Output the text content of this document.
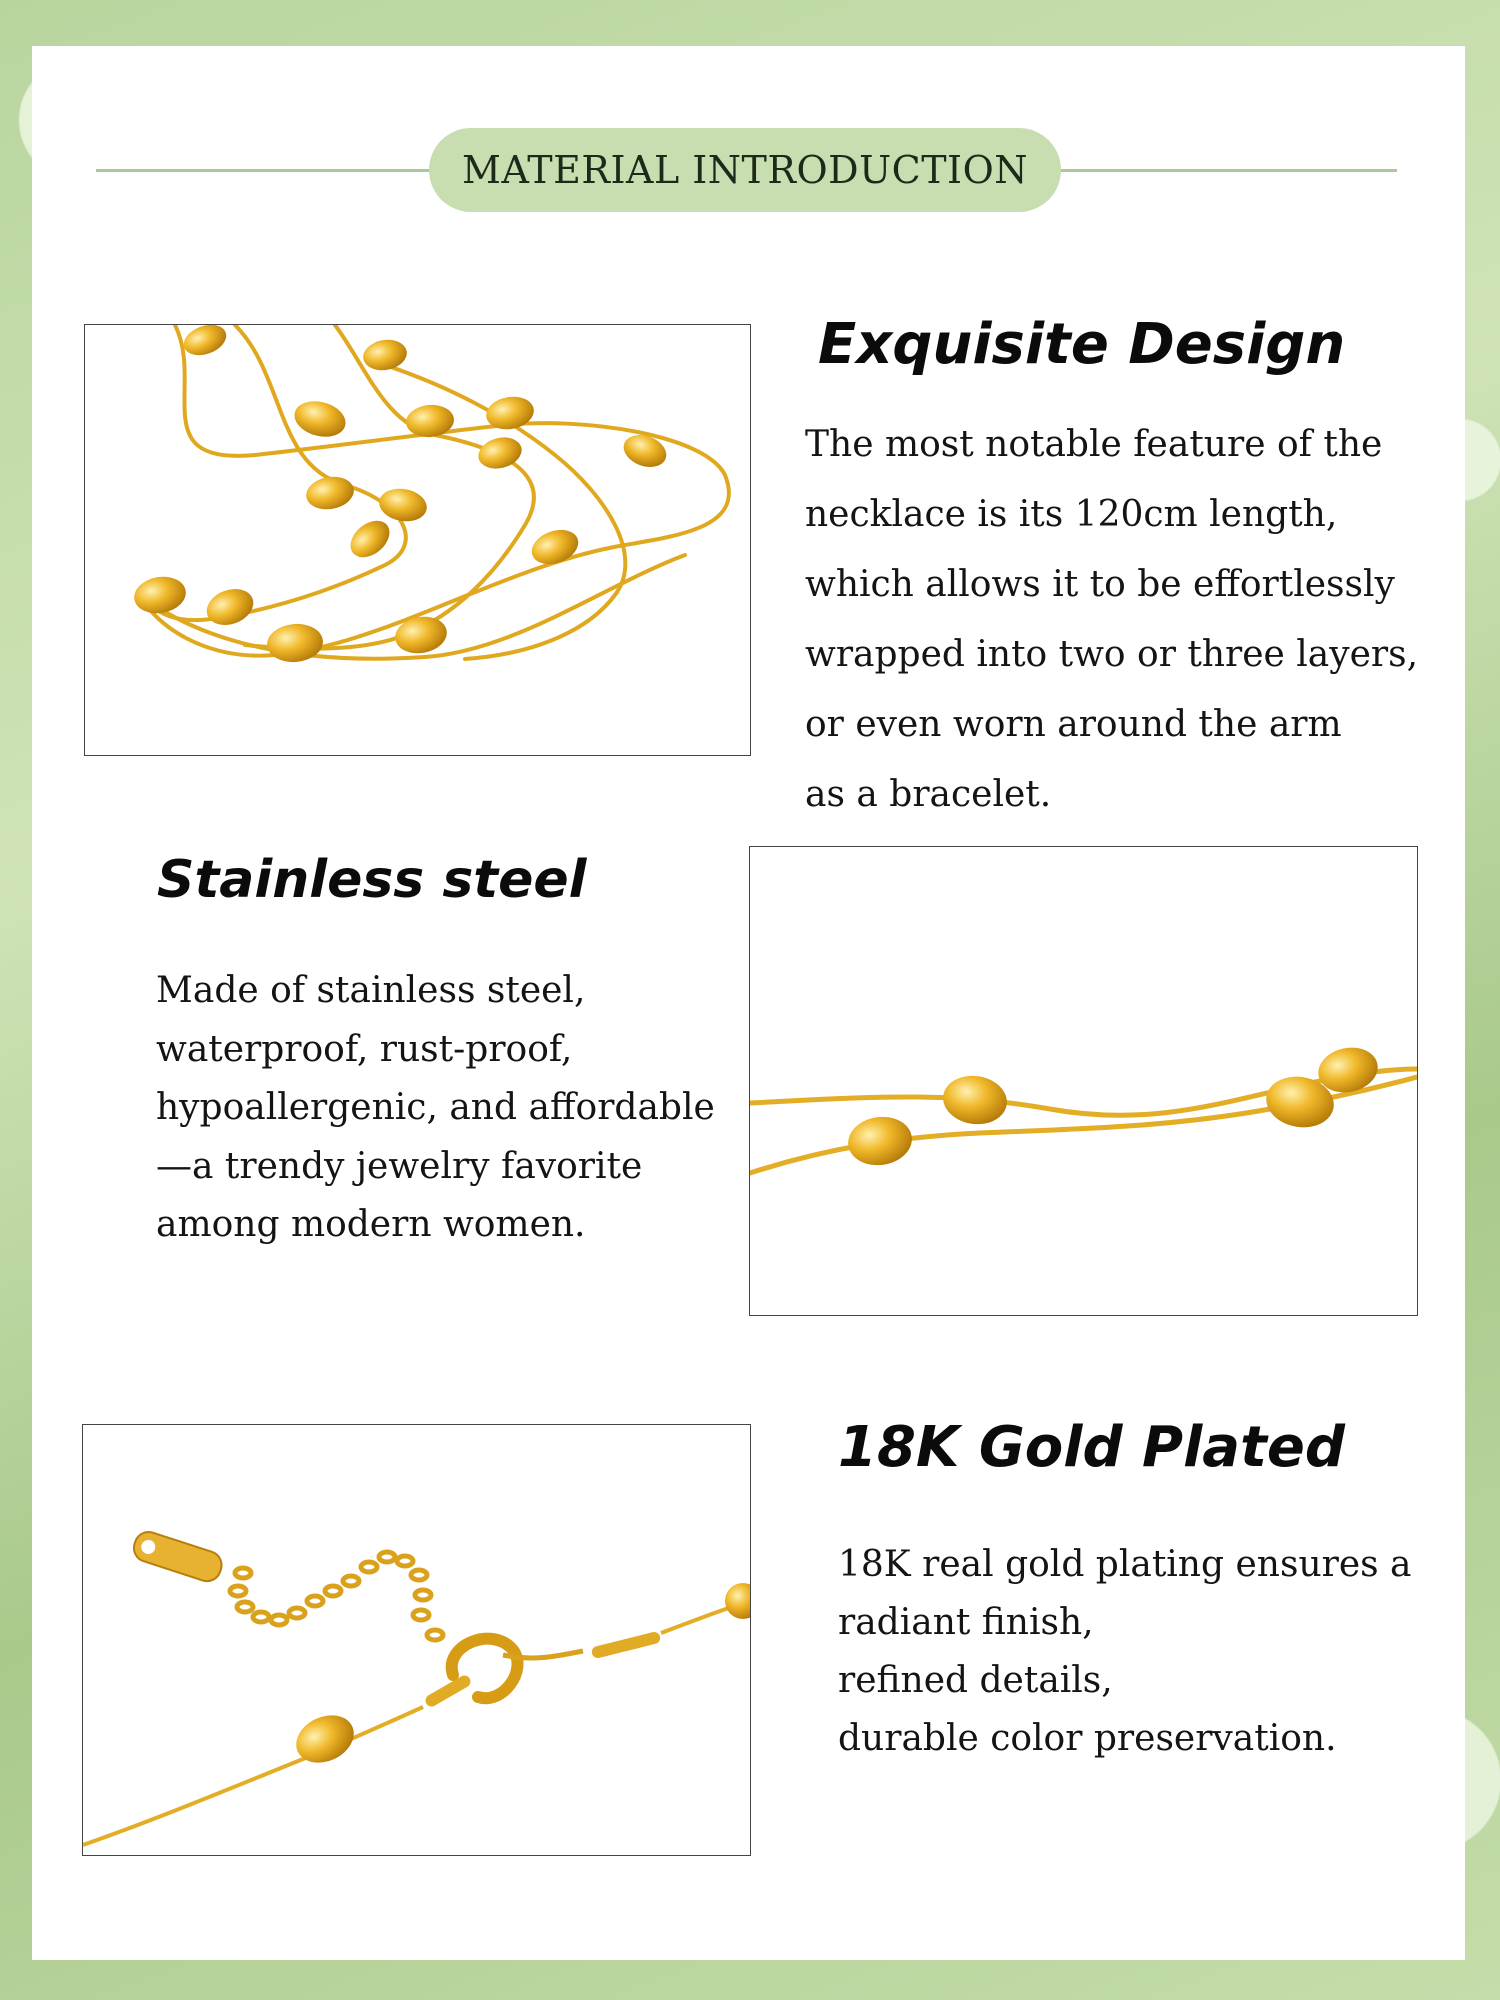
MATERIAL INTRODUCTION
Exquisite Design
The most notable feature of the
necklace is its 120cm length,
which allows it to be effortlessly
wrapped into two or three layers,
or even worn around the arm
as a bracelet.
Stainless steel
Made of stainless steel,
waterproof, rust-proof,
hypoallergenic, and affordable
—a trendy jewelry favorite
among modern women.
18K Gold Plated
18K real gold plating ensures a
radiant finish,
refined details,
durable color preservation.
